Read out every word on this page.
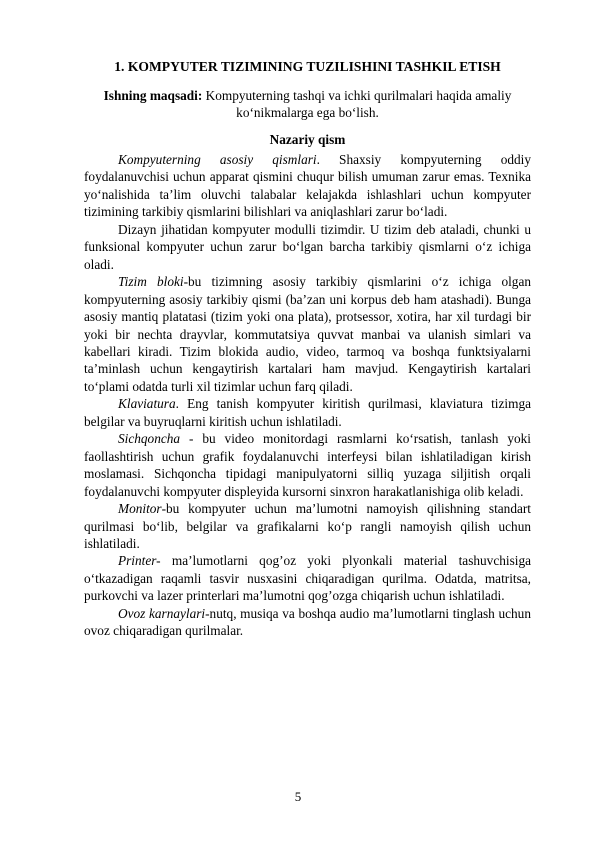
1. KOMPYUTER TIZIMINING TUZILISHINI TASHKIL ETISH
Ishning maqsadi: Kompyuterning tashqi va ichki qurilmalari haqida amaliy ko‘nikmalarga ega bo‘lish.
Nazariy qism

Kompyuterning asosiy qismlari. Shaxsiy kompyuterning oddiy foydalanuvchisi uchun apparat qismini chuqur bilish umuman zarur emas. Texnika yo‘nalishida ta’lim oluvchi talabalar kelajakda ishlashlari uchun kompyuter tizimining tarkibiy qismlarini bilishlari va aniqlashlari zarur bo‘ladi.

Dizayn jihatidan kompyuter modulli tizimdir. U tizim deb ataladi, chunki u funksional kompyuter uchun zarur bo‘lgan barcha tarkibiy qismlarni o‘z ichiga oladi.

Tizim bloki-bu tizimning asosiy tarkibiy qismlarini o‘z ichiga olgan kompyuterning asosiy tarkibiy qismi (ba’zan uni korpus deb ham atashadi). Bunga asosiy mantiq platatasi (tizim yoki ona plata), protsessor, xotira, har xil turdagi bir yoki bir nechta drayvlar, kommutatsiya quvvat manbai va ulanish simlari va kabellari kiradi. Tizim blokida audio, video, tarmoq va boshqa funktsiyalarni ta’minlash uchun kengaytirish kartalari ham mavjud. Kengaytirish kartalari to‘plami odatda turli xil tizimlar uchun farq qiladi.

Klaviatura. Eng tanish kompyuter kiritish qurilmasi, klaviatura tizimga belgilar va buyruqlarni kiritish uchun ishlatiladi.

Sichqoncha - bu video monitordagi rasmlarni ko‘rsatish, tanlash yoki faollashtirish uchun grafik foydalanuvchi interfeysi bilan ishlatiladigan kirish moslamasi. Sichqoncha tipidagi manipulyatorni silliq yuzaga siljitish orqali foydalanuvchi kompyuter displeyida kursorni sinxron harakatlanishiga olib keladi.

Monitor-bu kompyuter uchun ma’lumotni namoyish qilishning standart qurilmasi bo‘lib, belgilar va grafikalarni ko‘p rangli namoyish qilish uchun ishlatiladi.

Printer- ma’lumotlarni qog’oz yoki plyonkali material tashuvchisiga o‘tkazadigan raqamli tasvir nusxasini chiqaradigan qurilma. Odatda, matritsa, purkovchi va lazer printerlari ma’lumotni qog’ozga chiqarish uchun ishlatiladi.

Ovoz karnaylari-nutq, musiqa va boshqa audio ma’lumotlarni tinglash uchun ovoz chiqaradigan qurilmalar.

5
